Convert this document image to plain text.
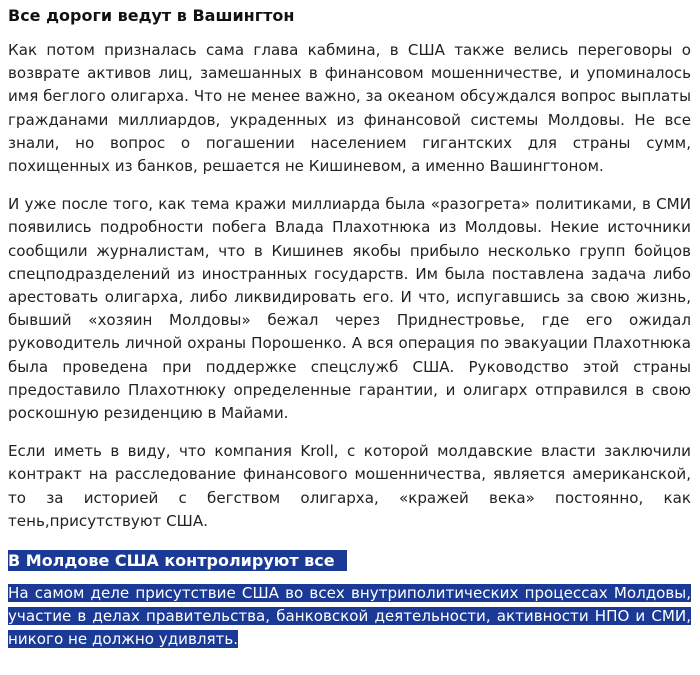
Все дороги ведут в Вашингтон

Как потом призналась сама глава кабмина, в США также велись переговоры о возврате активов лиц, замешанных в финансовом мошенничестве, и упоминалось имя беглого олигарха. Что не менее важно, за океаном обсуждался вопрос выплаты гражданами миллиардов, украденных из финансовой системы Молдовы. Не все знали, но вопрос о погашении населением гигантских для страны сумм, похищенных из банков, решается не Кишиневом, а именно Вашингтоном.

И уже после того, как тема кражи миллиарда была «разогрета» политиками, в СМИ появились подробности побега Влада Плахотнюка из Молдовы. Некие источники сообщили журналистам, что в Кишинев якобы прибыло несколько групп бойцов спецподразделений из иностранных государств. Им была поставлена задача либо арестовать олигарха, либо ликвидировать его. И что, испугавшись за свою жизнь, бывший «хозяин Молдовы» бежал через Приднестровье, где его ожидал руководитель личной охраны Порошенко. А вся операция по эвакуации Плахотнюка была проведена при поддержке спецслужб США. Руководство этой страны предоставило Плахотнюку определенные гарантии, и олигарх отправился в свою роскошную резиденцию в Майами.

Если иметь в виду, что компания Kroll, с которой молдавские власти заключили контракт на расследование финансового мошенничества, является американской, то за историей с бегством олигарха, «кражей века» постоянно, как тень,присутствуют США.

В Молдове США контролируют все

На самом деле присутствие США во всех внутриполитических процессах Молдовы, участие в делах правительства, банковской деятельности, активности НПО и СМИ, никого не должно удивлять.
